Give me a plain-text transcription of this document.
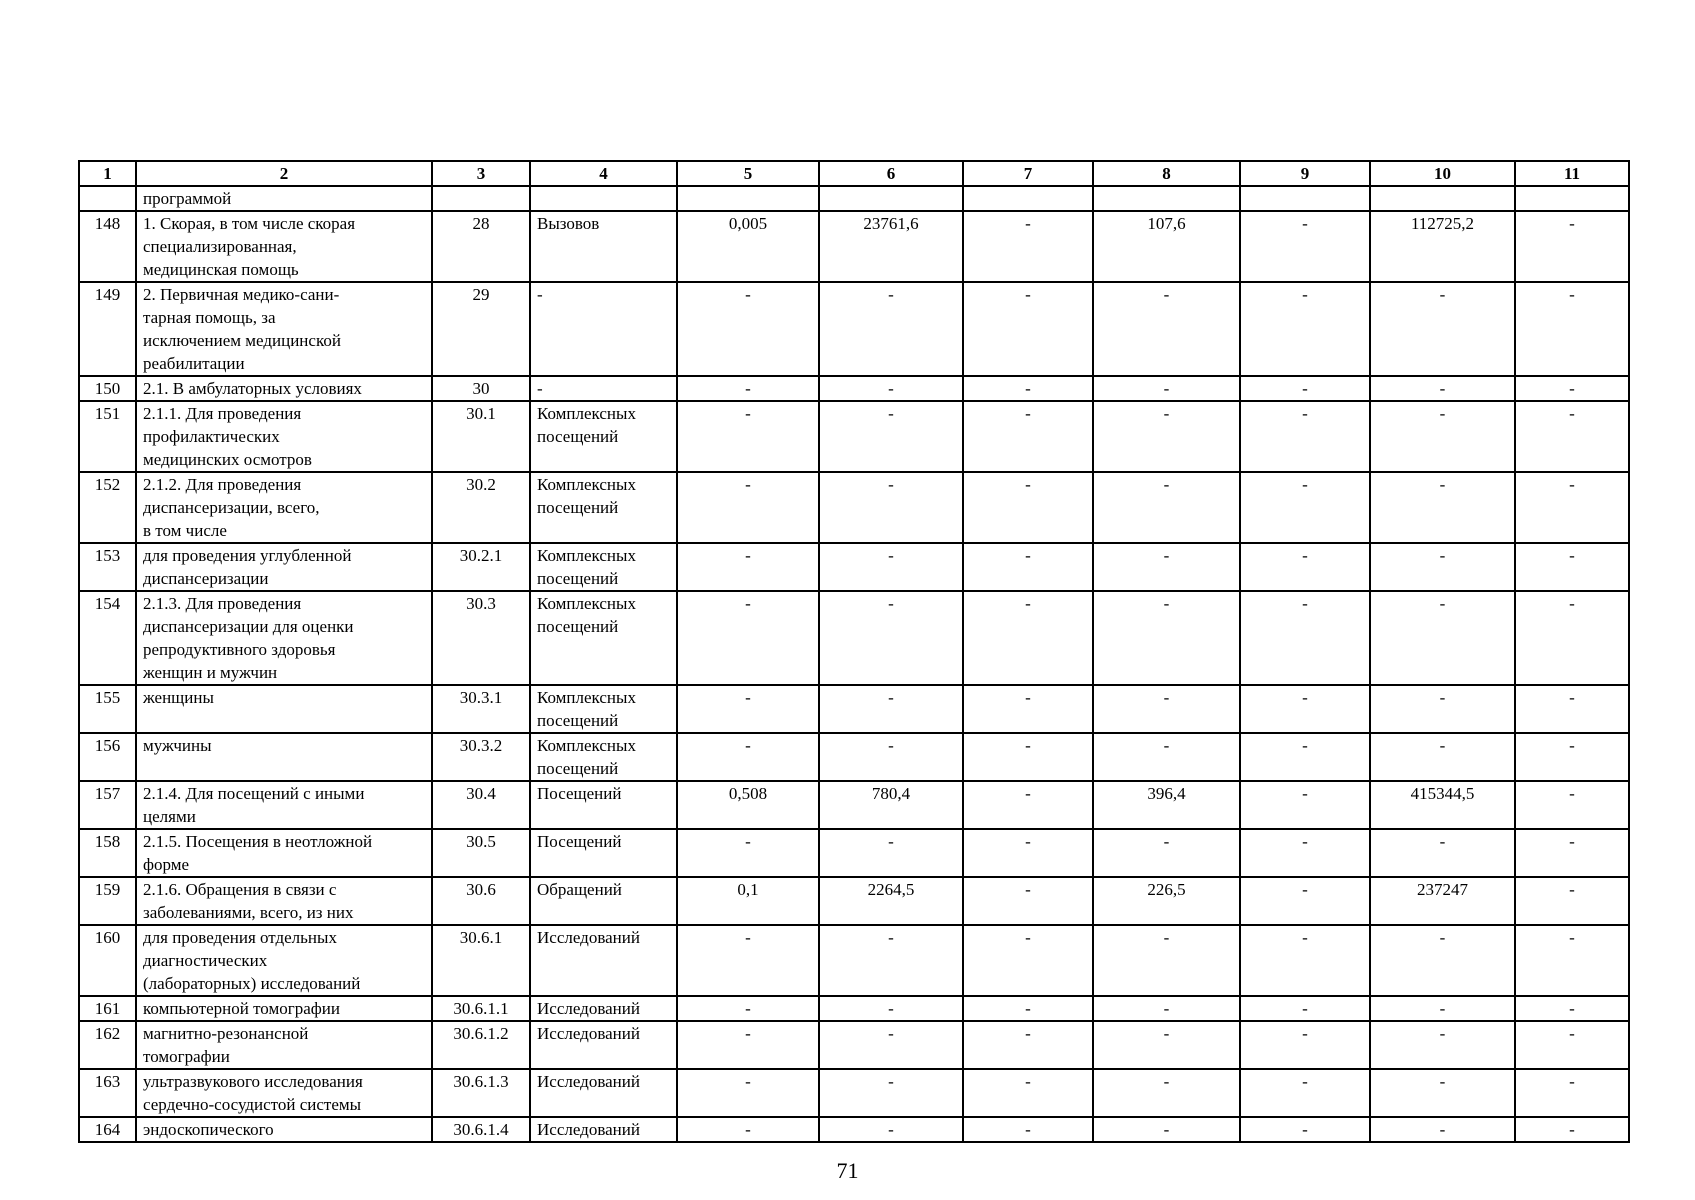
1	2	3	4	5	6	7	8	9	10	11
	программой									
148	1. Скорая, в том числе скорая
специализированная,
медицинская помощь	28	Вызовов	0,005	23761,6	-	107,6	-	112725,2	-
149	2. Первичная медико-сани-
тарная помощь, за
исключением медицинской
реабилитации	29	-	-	-	-	-	-	-	-
150	2.1. В амбулаторных условиях	30	-	-	-	-	-	-	-	-
151	2.1.1. Для проведения
профилактических
медицинских осмотров	30.1	Комплексных
посещений	-	-	-	-	-	-	-
152	2.1.2. Для проведения
диспансеризации, всего,
в том числе	30.2	Комплексных
посещений	-	-	-	-	-	-	-
153	для проведения углубленной
диспансеризации	30.2.1	Комплексных
посещений	-	-	-	-	-	-	-
154	2.1.3. Для проведения
диспансеризации для оценки
репродуктивного здоровья
женщин и мужчин	30.3	Комплексных
посещений	-	-	-	-	-	-	-
155	женщины	30.3.1	Комплексных
посещений	-	-	-	-	-	-	-
156	мужчины	30.3.2	Комплексных
посещений	-	-	-	-	-	-	-
157	2.1.4. Для посещений с иными
целями	30.4	Посещений	0,508	780,4	-	396,4	-	415344,5	-
158	2.1.5. Посещения в неотложной
форме	30.5	Посещений	-	-	-	-	-	-	-
159	2.1.6. Обращения в связи с
заболеваниями, всего, из них	30.6	Обращений	0,1	2264,5	-	226,5	-	237247	-
160	для проведения отдельных
диагностических
(лабораторных) исследований	30.6.1	Исследований	-	-	-	-	-	-	-
161	компьютерной томографии	30.6.1.1	Исследований	-	-	-	-	-	-	-
162	магнитно-резонансной
томографии	30.6.1.2	Исследований	-	-	-	-	-	-	-
163	ультразвукового исследования
сердечно-сосудистой системы	30.6.1.3	Исследований	-	-	-	-	-	-	-
164	эндоскопического	30.6.1.4	Исследований	-	-	-	-	-	-	-
71
